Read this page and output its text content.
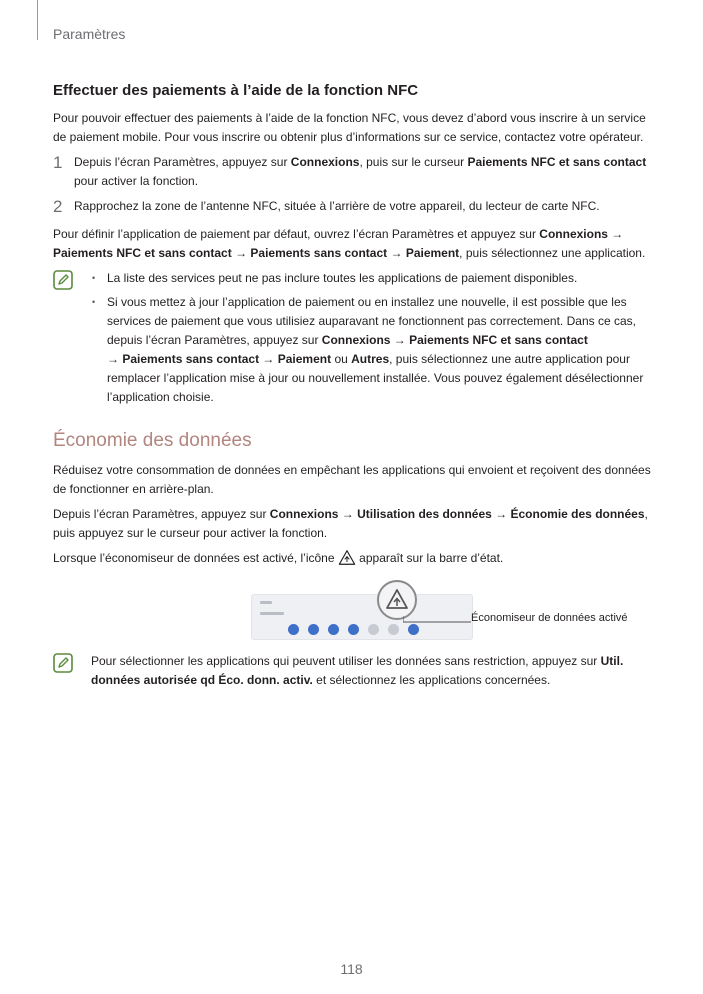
Paramètres
Effectuer des paiements à l’aide de la fonction NFC

Pour pouvoir effectuer des paiements à l’aide de la fonction NFC, vous devez d’abord vous inscrire à un service de paiement mobile. Pour vous inscrire ou obtenir plus d’informations sur ce service, contactez votre opérateur.

1 Depuis l’écran Paramètres, appuyez sur Connexions, puis sur le curseur Paiements NFC et sans contact pour activer la fonction.
2 Rapprochez la zone de l’antenne NFC, située à l’arrière de votre appareil, du lecteur de carte NFC.

Pour définir l’application de paiement par défaut, ouvrez l’écran Paramètres et appuyez sur Connexions → Paiements NFC et sans contact → Paiements sans contact → Paiement, puis sélectionnez une application.

• La liste des services peut ne pas inclure toutes les applications de paiement disponibles.
• Si vous mettez à jour l’application de paiement ou en installez une nouvelle, il est possible que les services de paiement que vous utilisiez auparavant ne fonctionnent pas correctement. Dans ce cas, depuis l’écran Paramètres, appuyez sur Connexions → Paiements NFC et sans contact
→ Paiements sans contact → Paiement ou Autres, puis sélectionnez une autre application pour remplacer l’application mise à jour ou nouvellement installée. Vous pouvez également désélectionner l’application choisie.
Économie des données

Réduisez votre consommation de données en empêchant les applications qui envoient et reçoivent des données de fonctionner en arrière-plan.

Depuis l’écran Paramètres, appuyez sur Connexions → Utilisation des données → Économie des données, puis appuyez sur le curseur pour activer la fonction.

Lorsque l’économiseur de données est activé, l’icône  apparaît sur la barre d’état.

Économiseur de données activé

Pour sélectionner les applications qui peuvent utiliser les données sans restriction, appuyez sur Util. données autorisée qd Éco. donn. activ. et sélectionnez les applications concernées.

118
